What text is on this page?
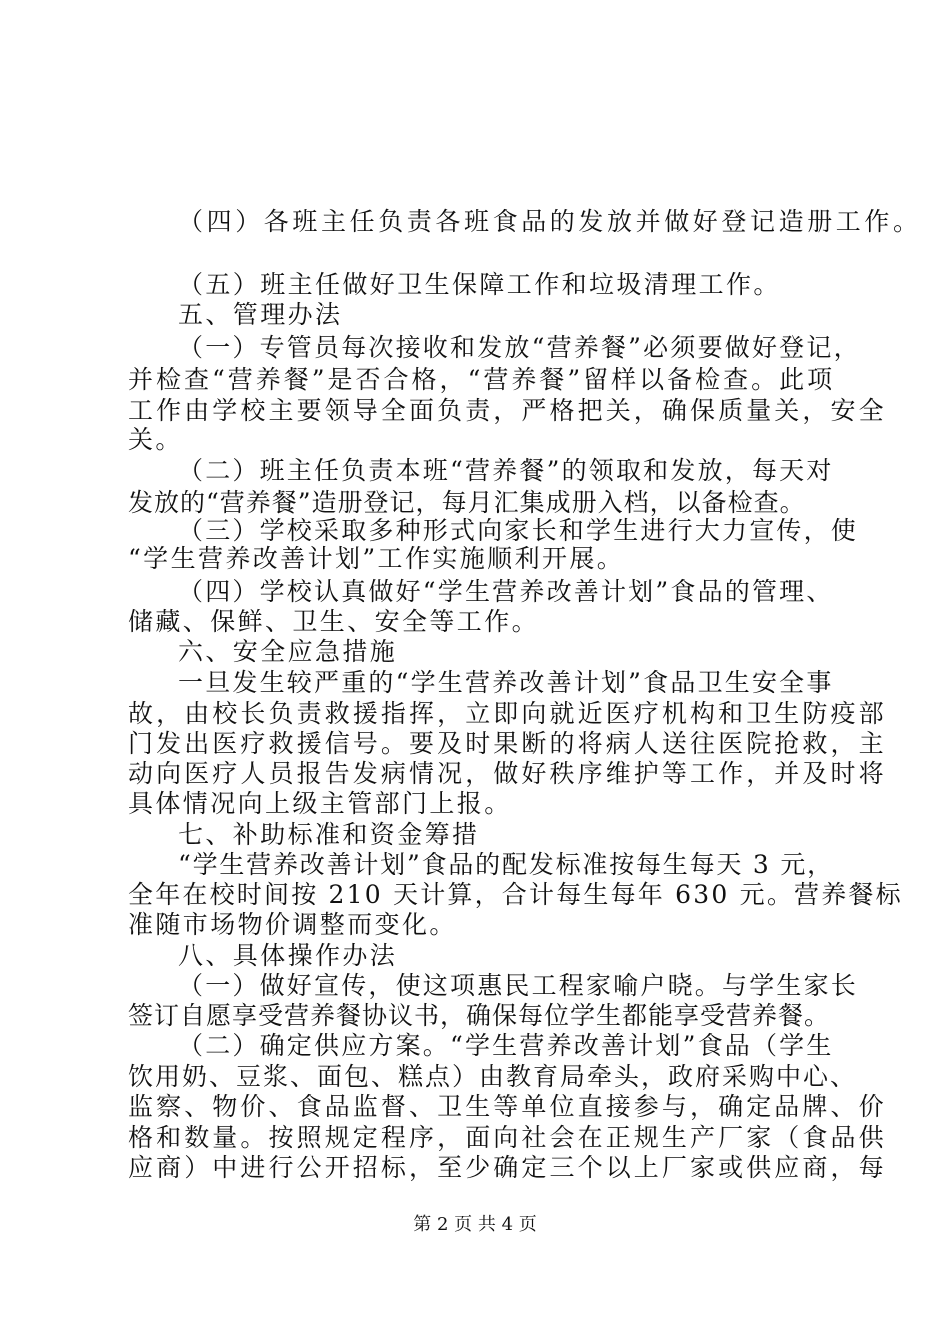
（四）各班主任负责各班食品的发放并做好登记造册工作。
（五）班主任做好卫生保障工作和垃圾清理工作。
五、管理办法
（一）专管员每次接收和发放“营养餐”必须要做好登记，
并检查“营养餐”是否合格，“营养餐”留样以备检查。此项
工作由学校主要领导全面负责，严格把关，确保质量关，安全
关。
（二）班主任负责本班“营养餐”的领取和发放，每天对
发放的“营养餐”造册登记，每月汇集成册入档，以备检查。
（三）学校采取多种形式向家长和学生进行大力宣传，使
“学生营养改善计划”工作实施顺利开展。
（四）学校认真做好“学生营养改善计划”食品的管理、
储藏、保鲜、卫生、安全等工作。
六、安全应急措施
一旦发生较严重的“学生营养改善计划”食品卫生安全事
故，由校长负责救援指挥，立即向就近医疗机构和卫生防疫部
门发出医疗救援信号。要及时果断的将病人送往医院抢救，主
动向医疗人员报告发病情况，做好秩序维护等工作，并及时将
具体情况向上级主管部门上报。
七、补助标准和资金筹措
“学生营养改善计划”食品的配发标准按每生每天 3 元，
全年在校时间按 210 天计算，合计每生每年 630 元。营养餐标
准随市场物价调整而变化。
八、具体操作办法
（一）做好宣传，使这项惠民工程家喻户晓。与学生家长
签订自愿享受营养餐协议书，确保每位学生都能享受营养餐。
（二）确定供应方案。“学生营养改善计划”食品（学生
饮用奶、豆浆、面包、糕点）由教育局牵头，政府采购中心、
监察、物价、食品监督、卫生等单位直接参与，确定品牌、价
格和数量。按照规定程序，面向社会在正规生产厂家（食品供
应商）中进行公开招标，至少确定三个以上厂家或供应商，每
第 2 页 共 4 页
